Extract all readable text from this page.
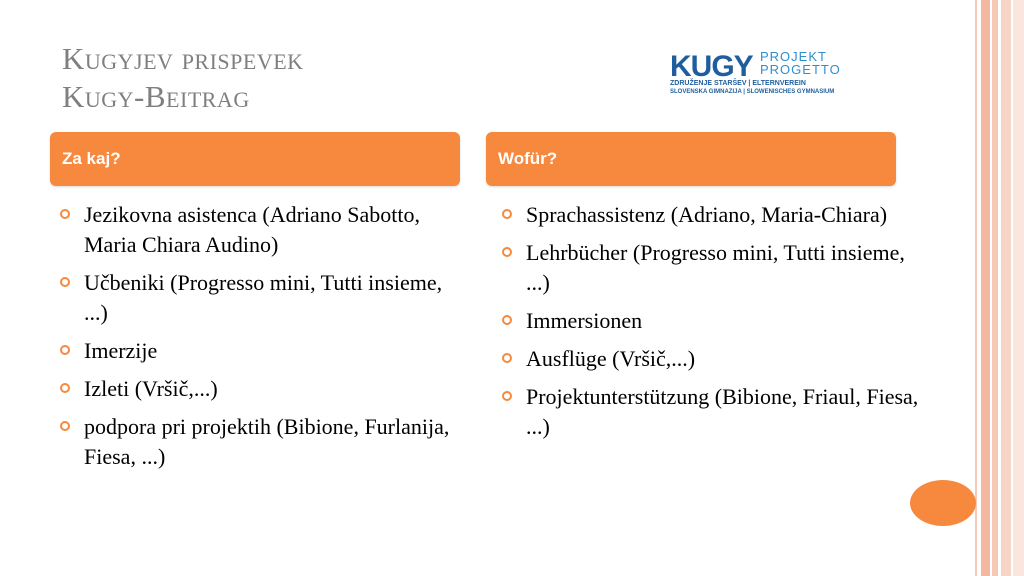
Kugyjev prispevek
Kugy-Beitrag
KUGY PROJEKT
PROGETTO
ZDRUŽENJE STARŠEV | ELTERNVEREIN
SLOVENSKA GIMNAZIJA | SLOWENISCHES GYMNASIUM
Za kaj?	Wofür?
Jezikovna asistenca (Adriano Sabotto, Maria Chiara Audino)
Učbeniki (Progresso mini, Tutti insieme, ...)
Imerzije
Izleti (Vršič,...)
podpora pri projektih (Bibione, Furlanija, Fiesa, ...)
Sprachassistenz (Adriano, Maria-Chiara)
Lehrbücher (Progresso mini, Tutti insieme, ...)
Immersionen
Ausflüge (Vršič,...)
Projektunterstützung (Bibione, Friaul, Fiesa, ...)
